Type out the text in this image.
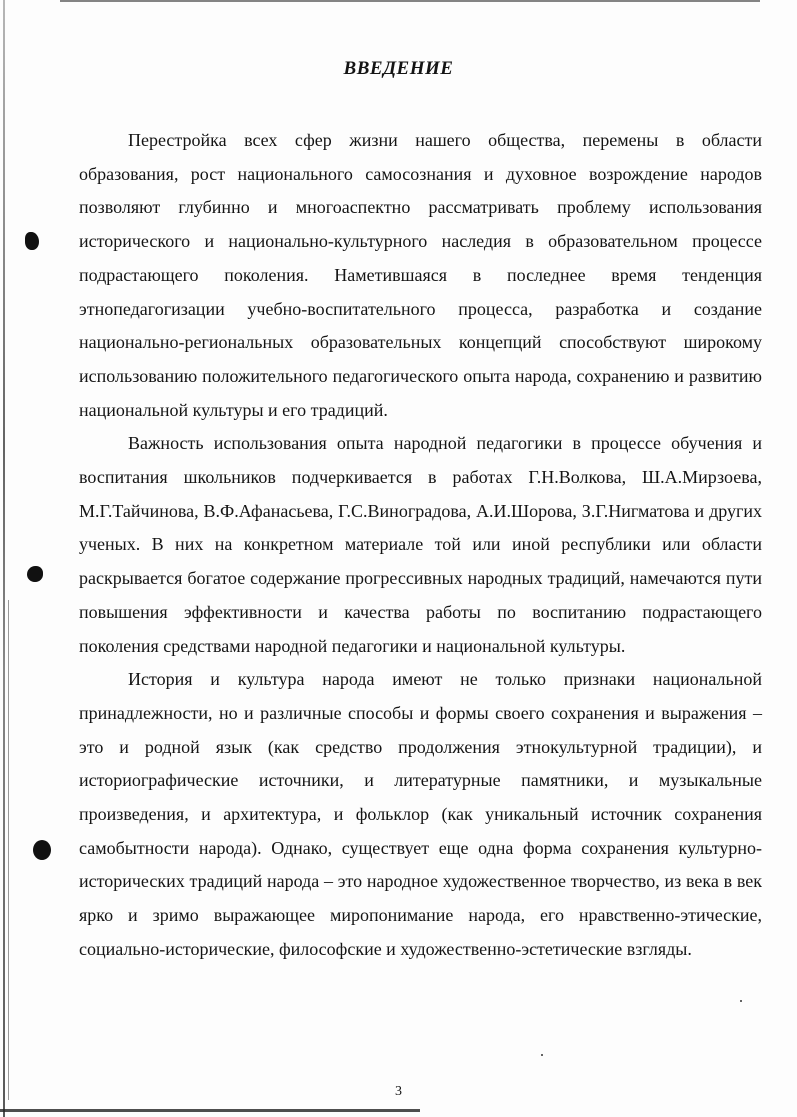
ВВЕДЕНИЕ

Перестройка всех сфер жизни нашего общества, перемены в области образования, рост национального самосознания и духовное возрождение народов позволяют глубинно и многоаспектно рассматривать проблему использования исторического и национально-культурного наследия в образовательном процессе подрастающего поколения. Наметившаяся в последнее время тенденция этнопедагогизации учебно-воспитательного процесса, разработка и создание национально-региональных образовательных концепций способствуют широкому использованию положительного педагогического опыта народа, сохранению и развитию национальной культуры и его традиций.

Важность использования опыта народной педагогики в процессе обучения и воспитания школьников подчеркивается в работах Г.Н.Волкова, Ш.А.Мирзоева, М.Г.Тайчинова, В.Ф.Афанасьева, Г.С.Виноградова, А.И.Шорова, З.Г.Нигматова и других ученых. В них на конкретном материале той или иной республики или области раскрывается богатое содержание прогрессивных народных традиций, намечаются пути повышения эффективности и качества работы по воспитанию подрастающего поколения средствами народной педагогики и национальной культуры.

История и культура народа имеют не только признаки национальной принадлежности, но и различные способы и формы своего сохранения и выражения – это и родной язык (как средство продолжения этнокультурной традиции), и историографические источники, и литературные памятники, и музыкальные произведения, и архитектура, и фольклор (как уникальный источник сохранения самобытности народа). Однако, существует еще одна форма сохранения культурно-исторических традиций народа – это народное художественное творчество, из века в век ярко и зримо выражающее миропонимание народа, его нравственно-этические, социально-исторические, философские и художественно-эстетические взгляды.

3
